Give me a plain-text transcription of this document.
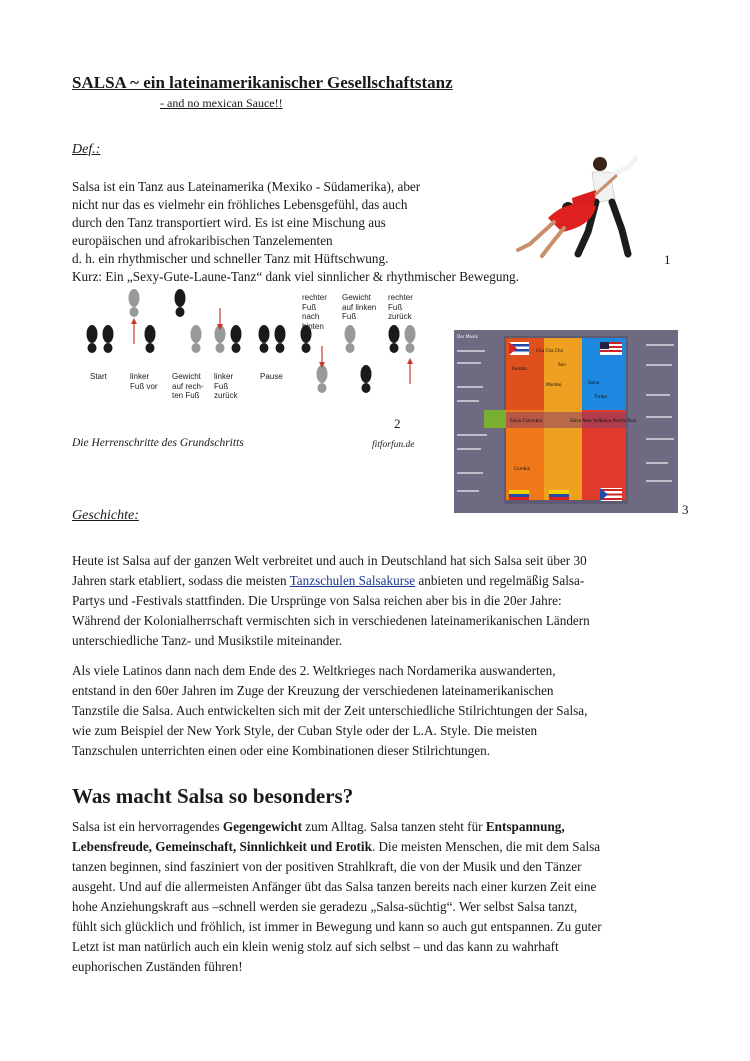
SALSA ~ ein lateinamerikanischer Gesellschaftstanz
- and no mexican Sauce!!
Def.:
Salsa ist ein Tanz aus Lateinamerika (Mexiko - Südamerika), aber
nicht nur das es vielmehr ein fröhliches Lebensgefühl, das auch
durch den Tanz transportiert wird. Es ist eine Mischung aus
europäischen und afrokaribischen Tanzelementen
d. h. ein rhythmischer und schneller Tanz mit Hüftschwung.
Kurz: Ein „Sexy-Gute-Laune-Tanz“ dank viel sinnlicher & rhythmischer Bewegung.
1
Start	linker
Fuß vor
Gewicht
auf rech-
ten Fuß
linker
Fuß
zurück
Pause
rechter
Fuß
nach
hinten
Gewicht
auf linken
Fuß
rechter
Fuß
zurück
2
Die Herrenschritte des Grundschritts	fitforfun.de
Der Musik
Son
Cha Cha Cha
Rumba
Mambo	Salsa
Timba
Salsa Colombia	Salsa New York
Salsa Puerto Rico
Cumbia
3
Geschichte:
Heute ist Salsa auf der ganzen Welt verbreitet und auch in Deutschland hat sich Salsa seit über 30
Jahren stark etabliert, sodass die meisten Tanzschulen Salsakurse anbieten und regelmäßig Salsa-
Partys und -Festivals stattfinden. Die Ursprünge von Salsa reichen aber bis in die 20er Jahre:
Während der Kolonialherrschaft vermischten sich in verschiedenen lateinamerikanischen Ländern
unterschiedliche Tanz- und Musikstile miteinander.
Als viele Latinos dann nach dem Ende des 2. Weltkrieges nach Nordamerika auswanderten,
entstand in den 60er Jahren im Zuge der Kreuzung der verschiedenen lateinamerikanischen
Tanzstile die Salsa. Auch entwickelten sich mit der Zeit unterschiedliche Stilrichtungen der Salsa,
wie zum Beispiel der New York Style, der Cuban Style oder der L.A. Style. Die meisten
Tanzschulen unterrichten einen oder eine Kombinationen dieser Stilrichtungen.
Was macht Salsa so besonders?
Salsa ist ein hervorragendes Gegengewicht zum Alltag. Salsa tanzen steht für Entspannung,
Lebensfreude, Gemeinschaft, Sinnlichkeit und Erotik. Die meisten Menschen, die mit dem Salsa
tanzen beginnen, sind fasziniert von der positiven Strahlkraft, die von der Musik und den Tänzer
ausgeht. Und auf die allermeisten Anfänger übt das Salsa tanzen bereits nach einer kurzen Zeit eine
hohe Anziehungskraft aus –schnell werden sie geradezu „Salsa-süchtig“. Wer selbst Salsa tanzt,
fühlt sich glücklich und fröhlich, ist immer in Bewegung und kann so auch gut entspannen. Zu guter
Letzt ist man natürlich auch ein klein wenig stolz auf sich selbst – und das kann zu wahrhaft
euphorischen Zuständen führen!
